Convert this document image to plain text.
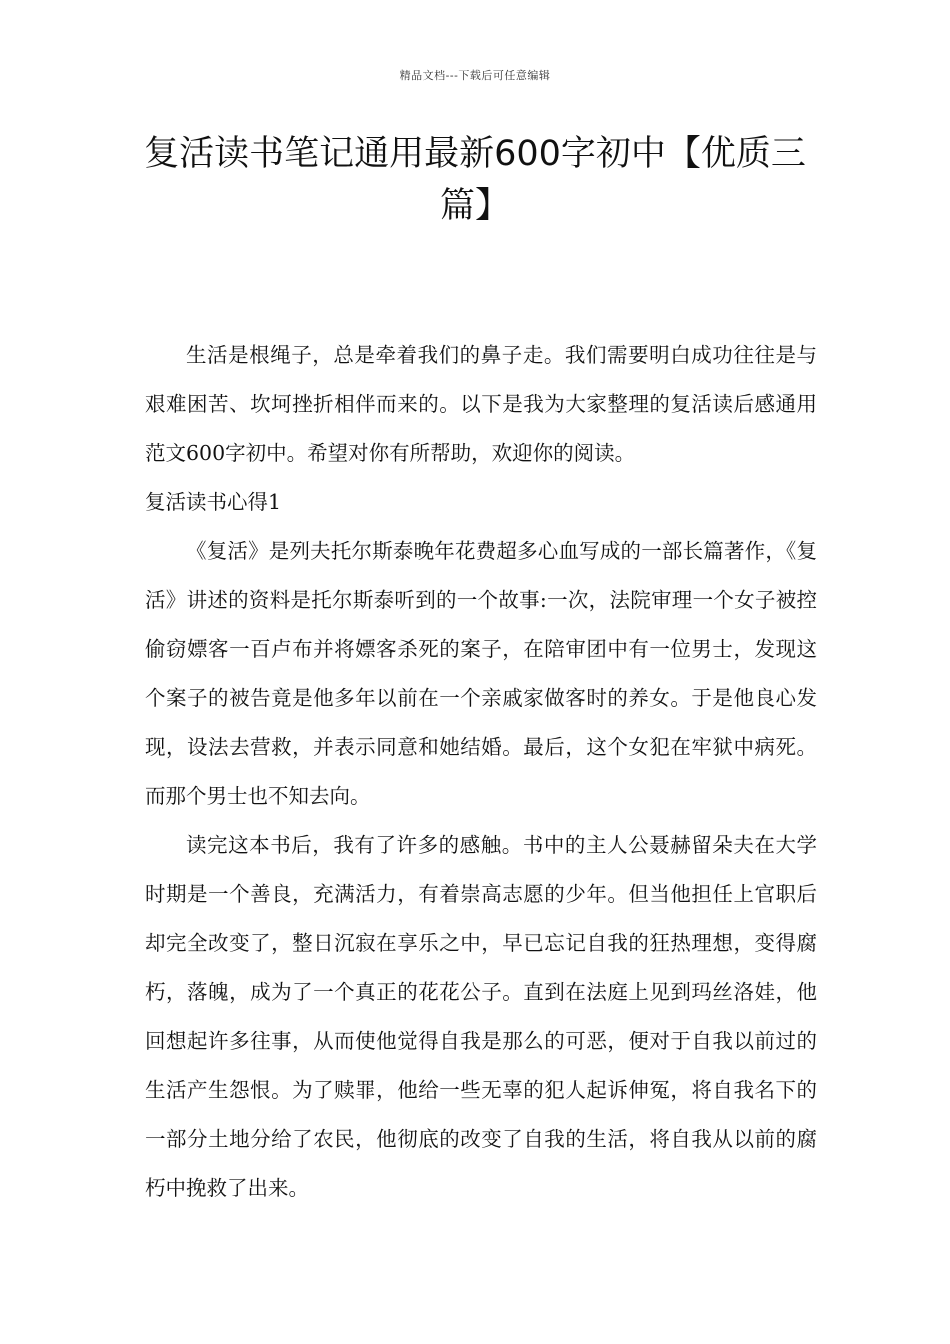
精品文档---下载后可任意编辑
复活读书笔记通用最新600字初中【优质三篇】

生活是根绳子，总是牵着我们的鼻子走。我们需要明白成功往往是与艰难困苦、坎坷挫折相伴而来的。以下是我为大家整理的复活读后感通用范文600字初中。希望对你有所帮助，欢迎你的阅读。

复活读书心得1

《复活》是列夫托尔斯泰晚年花费超多心血写成的一部长篇著作，《复活》讲述的资料是托尔斯泰听到的一个故事:一次，法院审理一个女子被控偷窃嫖客一百卢布并将嫖客杀死的案子，在陪审团中有一位男士，发现这个案子的被告竟是他多年以前在一个亲戚家做客时的养女。于是他良心发现，设法去营救，并表示同意和她结婚。最后，这个女犯在牢狱中病死。而那个男士也不知去向。

读完这本书后，我有了许多的感触。书中的主人公聂赫留朵夫在大学时期是一个善良，充满活力，有着崇高志愿的少年。但当他担任上官职后却完全改变了，整日沉寂在享乐之中，早已忘记自我的狂热理想，变得腐朽，落魄，成为了一个真正的花花公子。直到在法庭上见到玛丝洛娃，他回想起许多往事，从而使他觉得自我是那么的可恶，便对于自我以前过的生活产生怨恨。为了赎罪，他给一些无辜的犯人起诉伸冤，将自我名下的一部分土地分给了农民，他彻底的改变了自我的生活，将自我从以前的腐朽中挽救了出来。
